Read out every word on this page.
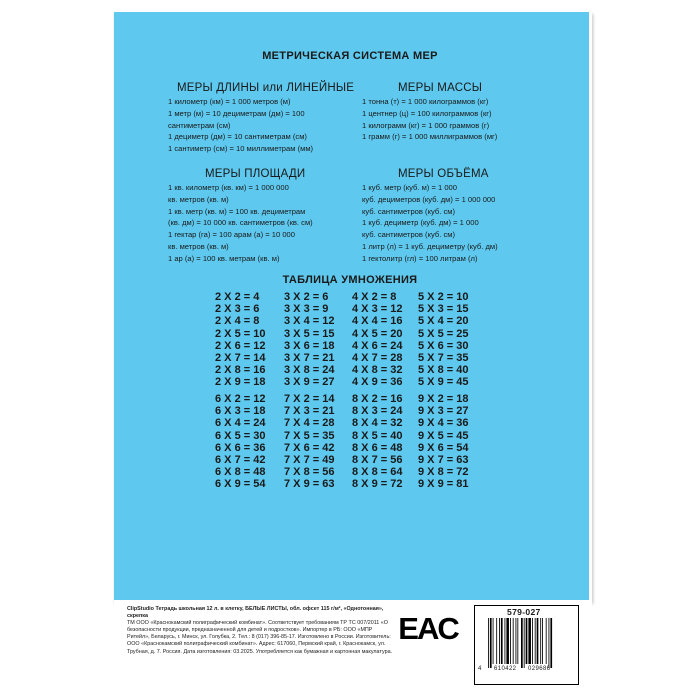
МЕТРИЧЕСКАЯ СИСТЕМА МЕР
МЕРЫ ДЛИНЫ или ЛИНЕЙНЫЕ
1 километр (км) = 1 000 метров (м)
1 метр (м) = 10 дециметрам (дм) = 100
сантиметрам (см)
1 дециметр (дм) = 10 сантиметрам (см)
1 сантиметр (см) = 10 миллиметрам (мм)
МЕРЫ МАССЫ
1 тонна (т) = 1 000 килограммов (кг)
1 центнер (ц) = 100 килограммов (кг)
1 килограмм (кг) = 1 000 граммов (г)
1 грамм (г) = 1 000 миллиграммов (мг)
МЕРЫ ПЛОЩАДИ
1 кв. километр (кв. км) = 1 000 000
кв. метров (кв. м)
1 кв. метр (кв. м) = 100 кв. дециметрам
(кв. дм) = 10 000 кв. сантиметров (кв. см)
1 гектар (га) = 100 арам (а) = 10 000
кв. метров (кв. м)
1 ар (а) = 100 кв. метрам (кв. м)
МЕРЫ ОБЪЁМА
1 куб. метр (куб. м) = 1 000
куб. дециметров (куб. дм) = 1 000 000
куб. сантиметров (куб. см)
1 куб. дециметр (куб. дм) = 1 000
куб. сантиметров (куб. см)
1 литр (л) = 1 куб. дециметру (куб. дм)
1 гектолитр (гл) = 100 литрам (л)
ТАБЛИЦА УМНОЖЕНИЯ
2 X 2 = 4
2 X 3 = 6
2 X 4 = 8
2 X 5 = 10
2 X 6 = 12
2 X 7 = 14
2 X 8 = 16
2 X 9 = 18
3 X 2 = 6
3 X 3 = 9
3 X 4 = 12
3 X 5 = 15
3 X 6 = 18
3 X 7 = 21
3 X 8 = 24
3 X 9 = 27
4 X 2 = 8
4 X 3 = 12
4 X 4 = 16
4 X 5 = 20
4 X 6 = 24
4 X 7 = 28
4 X 8 = 32
4 X 9 = 36
5 X 2 = 10
5 X 3 = 15
5 X 4 = 20
5 X 5 = 25
5 X 6 = 30
5 X 7 = 35
5 X 8 = 40
5 X 9 = 45
6 X 2 = 12
6 X 3 = 18
6 X 4 = 24
6 X 5 = 30
6 X 6 = 36
6 X 7 = 42
6 X 8 = 48
6 X 9 = 54
7 X 2 = 14
7 X 3 = 21
7 X 4 = 28
7 X 5 = 35
7 X 6 = 42
7 X 7 = 49
7 X 8 = 56
7 X 9 = 63
8 X 2 = 16
8 X 3 = 24
8 X 4 = 32
8 X 5 = 40
8 X 6 = 48
8 X 7 = 56
8 X 8 = 64
8 X 9 = 72
9 X 2 = 18
9 X 3 = 27
9 X 4 = 36
9 X 5 = 45
9 X 6 = 54
9 X 7 = 63
9 X 8 = 72
9 X 9 = 81
ClipStudio Тетрадь школьная 12 л. в клетку, БЕЛЫЕ ЛИСТЫ, обл. офсет 115 г/м², «Однотонная», скрепка
ТМ ООО «Краснокамский полиграфический комбинат». Соответствует требованиям ТР ТС 007/2011 «О безопасности продукции, предназначенной для детей и подростков». Импортер в РБ: ООО «МПР Ритейл», Беларусь, г. Минск, ул. Голубка, 2. Тел.: 8 (017) 396-85-17. Изготовлено в России. Изготовитель: ООО «Краснокамский полиграфический комбинат». Адрес: 617060, Пермский край, г. Краснокамск, ул. Трубная, д. 7. Россия. Дата изготовления: 03.2025. Употребляется как бумажная и картонная макулатура.
EAC	579-027
4 610422 029686
